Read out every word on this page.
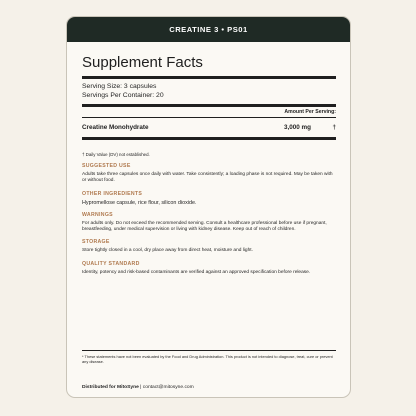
CREATINE 3 • PS01
Supplement Facts
Serving Size: 3 capsules
Servings Per Container: 20
Amount Per Serving:
Creatine Monohydrate	3,000 mg	†
† Daily Value (DV) not established.
SUGGESTED USE
Adults take three capsules once daily with water. Take consistently; a loading phase is not required. May be taken with or without food.
OTHER INGREDIENTS
Hypromellose capsule, rice flour, silicon dioxide.
WARNINGS
For adults only. Do not exceed the recommended serving. Consult a healthcare professional before use if pregnant, breastfeeding, under medical supervision or living with kidney disease. Keep out of reach of children.
STORAGE
Store tightly closed in a cool, dry place away from direct heat, moisture and light.
QUALITY STANDARD
Identity, potency and risk-based contaminants are verified against an approved specification before release.
* These statements have not been evaluated by the Food and Drug Administration. This product is not intended to diagnose, treat, cure or prevent any disease.
Distributed for MitoSyne | contact@mitosyne.com
